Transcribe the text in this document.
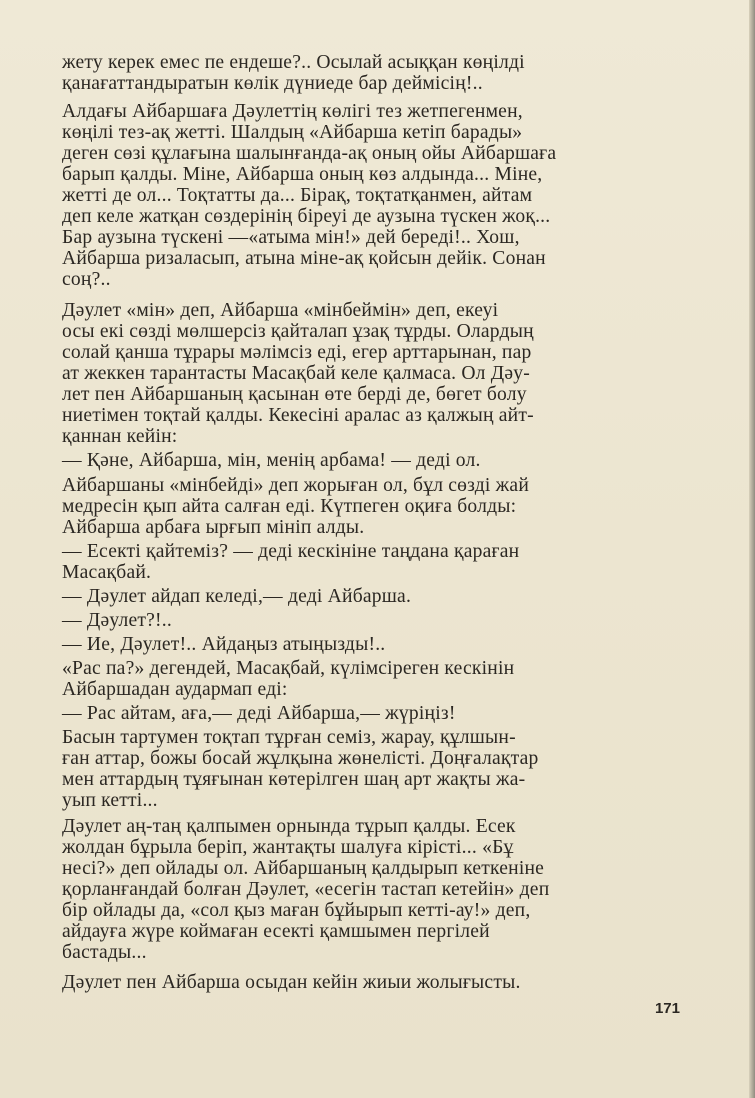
жету керек емес пе ендеше?.. Осылай асыққан көңілді
қанағаттандыратын көлік дүниеде бар деймісің!..

Алдағы Айбаршаға Дәулеттің көлігі тез жетпегенмен,
көңілі тез-ақ жетті. Шалдың «Айбарша кетіп барады»
деген сөзі құлағына шалынғанда-ақ оның ойы Айбаршаға
барып қалды. Міне, Айбарша оның көз алдында... Міне,
жетті де ол... Тоқтатты да... Бірақ, тоқтатқанмен, айтам
деп келе жатқан сөздерінің біреуі де аузына түскен жоқ...
Бар аузына түскені —«атыма мін!» дей береді!.. Хош,
Айбарша ризаласып, атына міне-ақ қойсын дейік. Сонан
соң?..

Дәулет «мін» деп, Айбарша «мінбеймін» деп, екеуі
осы екі сөзді мөлшерсіз қайталап ұзақ тұрды. Олардың
солай қанша тұрары мәлімсіз еді, егер арттарынан, пар
ат жеккен тарантасты Масақбай келе қалмаса. Ол Дәу-
лет пен Айбаршаның қасынан өте берді де, бөгет болу
ниетімен тоқтай қалды. Кекесіні аралас аз қалжың айт-
қаннан кейін:

— Қәне, Айбарша, мін, менің арбама! — деді ол.

Айбаршаны «мінбейді» деп жорыған ол, бұл сөзді жай
медресін қып айта салған еді. Күтпеген оқиға болды:
Айбарша арбаға ырғып мініп алды.

— Есекті қайтеміз? — деді кескініне таңдана қараған
Масақбай.

— Дәулет айдап келеді,— деді Айбарша.

— Дәулет?!..

— Ие, Дәулет!.. Айдаңыз атыңызды!..

«Рас па?» дегендей, Масақбай, күлімсіреген кескінін
Айбаршадан аудармап еді:

— Рас айтам, аға,— деді Айбарша,— жүріңіз!

Басын тартумен тоқтап тұрған семіз, жарау, құлшын-
ған аттар, божы босай жұлқына жөнелісті. Доңғалақтар
мен аттардың тұяғынан көтерілген шаң арт жақты жа-
уып кетті...

Дәулет аң-таң қалпымен орнында тұрып қалды. Есек
жолдан бұрыла беріп, жантақты шалуға кірісті... «Бұ
несі?» деп ойлады ол. Айбаршаның қалдырып кеткеніне
қорланғандай болған Дәулет, «есегін тастап кетейін» деп
бір ойлады да, «сол қыз маған бұйырып кетті-ау!» деп,
айдауға жүре коймаған есекті қамшымен пергілей
бастады...

Дәулет пен Айбарша осыдан кейін жиыи жолығысты.

171
